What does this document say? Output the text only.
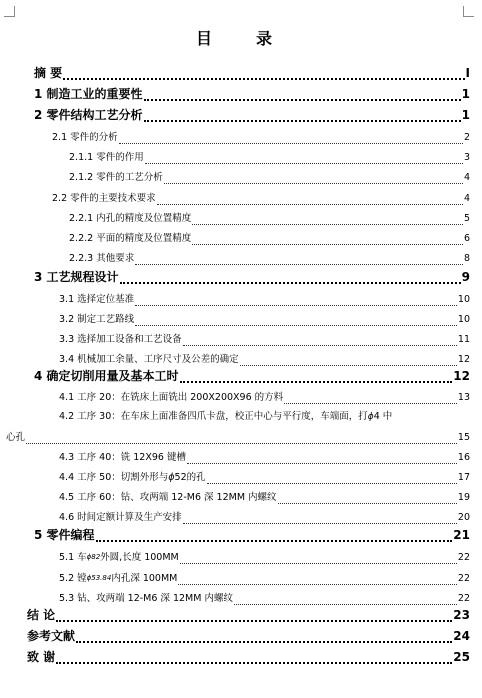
目　录
摘 要	I
1 制造工业的重要性	1
2 零件结构工艺分析	1
2.1 零件的分析	2
2.1.1 零件的作用	3
2.1.2 零件的工艺分析	4
2.2 零件的主要技术要求	4
2.2.1 内孔的精度及位置精度	5
2.2.2 平面的精度及位置精度	6
2.2.3 其他要求	8
3 工艺规程设计	9
3.1 选择定位基准	10
3.2 制定工艺路线	10
3.3 选择加工设备和工艺设备	11
3.4 机械加工余量、工序尺寸及公差的确定	12
4 确定切削用量及基本工时	12
4.1 工序 20：在铣床上面铣出 200X200X96 的方料	13
4.2 工序 30：在车床上面准备四爪卡盘，校正中心与平行度，车端面，打ϕ4 中
心孔	15
4.3 工序 40：铣 12X96 键槽	16
4.4 工序 50：切割外形与 ϕ 52的孔	17
4.5 工序 60：钻、攻两端 12-M6 深 12MM 内螺纹	19
4.6 时间定额计算及生产安排	20
5 零件编程	21
5.1 车 ϕ82 外圆,长度 100MM	22
5.2 镗 ϕ53.84 内孔深 100MM	22
5.3 钻、攻两端 12-M6 深 12MM 内螺纹	22
结 论	23
参考文献	24
致 谢	25
